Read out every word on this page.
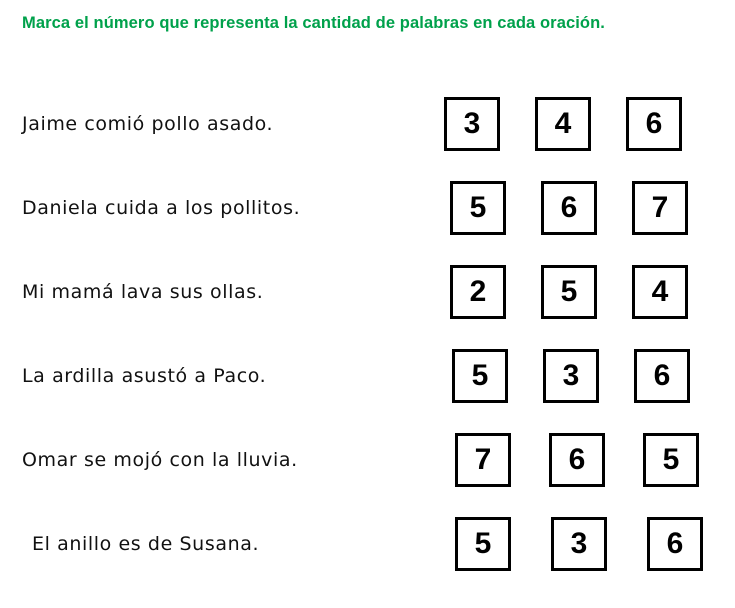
Marca el número que representa la cantidad de palabras en cada oración.
Jaime comió pollo asado.	3	4	6
Daniela cuida a los pollitos.	5	6	7
Mi mamá lava sus ollas.	2	5	4
La ardilla asustó a Paco.	5	3	6
Omar se mojó con la lluvia.	7	6	5
El anillo es de Susana.	5	3	6
